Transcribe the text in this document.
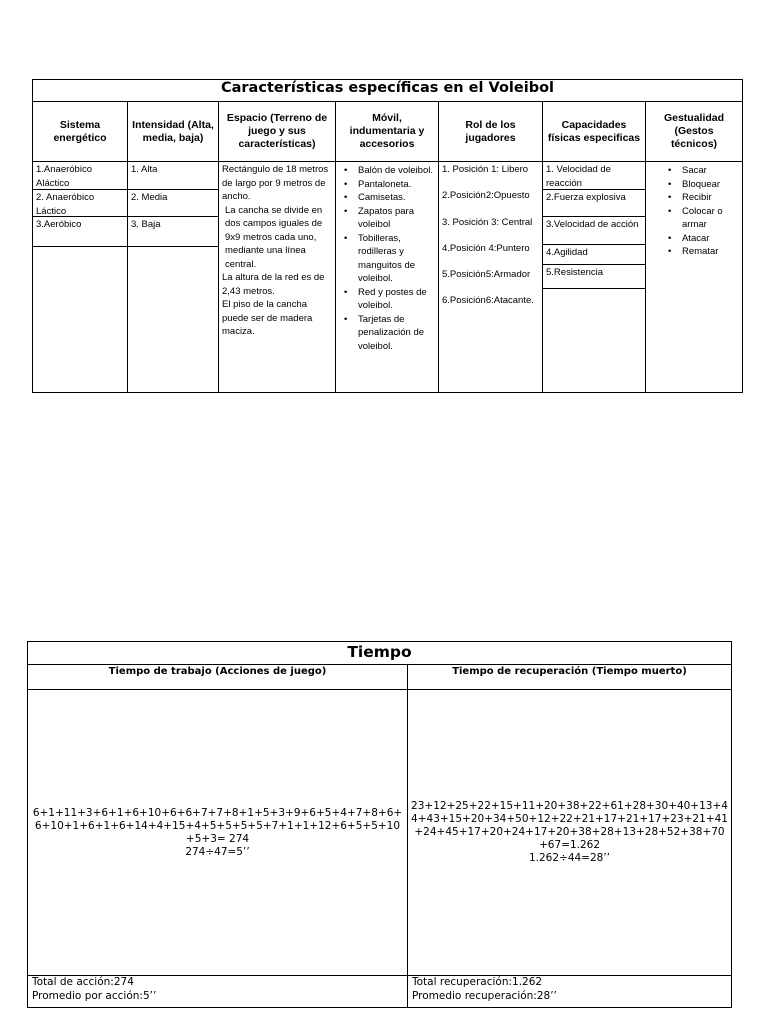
Características específicas en el Voleibol
Sistema energético
1.Anaeróbico Aláctico
2. Anaeróbico Láctico
3.Aeróbico
Intensidad (Alta, media, baja)
1. Alta
2. Media
3. Baja
Espacio (Terreno de juego y sus características)
Rectángulo de 18 metros de largo por 9 metros de ancho.
La cancha se divide en dos campos iguales de 9x9 metros cada uno, mediante una línea central.
La altura de la red es de 2,43 metros.
El piso de la cancha puede ser de madera maciza.
Móvil, indumentaria y accesorios
• Balón de voleibol.
• Pantaloneta.
• Camisetas.
• Zapatos para voleibol
• Tobilleras, rodilleras y manguitos de voleibol.
• Red y postes de voleibol.
• Tarjetas de penalización de voleibol.
Rol de los jugadores
1. Posición 1: Libero
2.Posición2:Opuesto
3. Posición 3: Central
4.Posición 4:Puntero
5.Posición5:Armador
6.Posición6:Atacante.
Capacidades físicas especificas
1. Velocidad de reacción
2.Fuerza explosiva
3.Velocidad de acción
4.Agilidad
5.Resistencia
Gestualidad (Gestos técnicos)
• Sacar
• Bloquear
• Recibir
• Colocar o armar
• Atacar
• Rematar
Tiempo
Tiempo de trabajo (Acciones de juego)
6+1+11+3+6+1+6+10+6+6+7+7+8+1+5+3+9+6+5+4+7+8+6+6+10+1+6+1+6+14+4+15+4+5+5+5+5+7+1+1+12+6+5+5+10+5+3= 274
274÷47=5’’
Total de acción:274
Promedio por acción:5’’
Tiempo de recuperación (Tiempo muerto)
23+12+25+22+15+11+20+38+22+61+28+30+40+13+44+43+15+20+34+50+12+22+21+17+21+17+23+21+41+24+45+17+20+24+17+20+38+28+13+28+52+38+70+67=1.262
1.262÷44=28’’
Total recuperación:1.262
Promedio recuperación:28’’
